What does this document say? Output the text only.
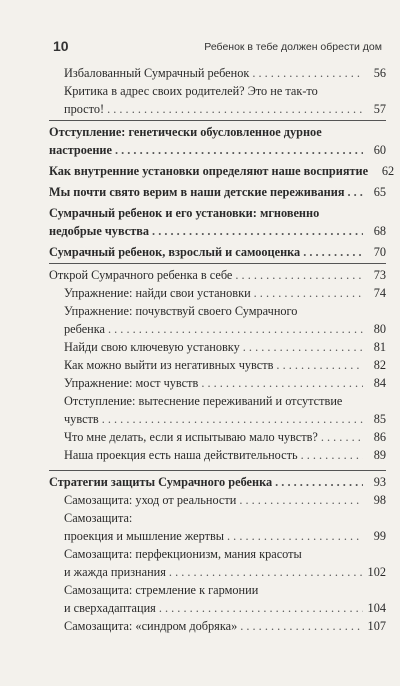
10	Ребенок в тебе должен обрести дом
Избалованный Сумрачный ребенок . . .	56
Критика в адрес своих родителей? Это не так-то
просто! . . .	57
Отступление: генетически обусловленное дурное
настроение . . .	60
Как внутренние установки определяют наше восприятие	62
Мы почти свято верим в наши детские переживания . . .	65
Сумрачный ребенок и его установки: мгновенно
недобрые чувства . . .	68
Сумрачный ребенок, взрослый и самооценка . . .	70
Открой Сумрачного ребенка в себе . . .	73
Упражнение: найди свои установки . . .	74
Упражнение: почувствуй своего Сумрачного
ребенка . . .	80
Найди свою ключевую установку . . .	81
Как можно выйти из негативных чувств . . .	82
Упражнение: мост чувств . . .	84
Отступление: вытеснение переживаний и отсутствие
чувств . . .	85
Что мне делать, если я испытываю мало чувств? . . .	86
Наша проекция есть наша действительность . . .	89
Стратегии защиты Сумрачного ребенка . . .	93
Самозащита: уход от реальности . . .	98
Самозащита:
проекция и мышление жертвы . . .	99
Самозащита: перфекционизм, мания красоты
и жажда признания . . .	102
Самозащита: стремление к гармонии
и сверхадаптация . . .	104
Самозащита: «синдром добряка» . . .	107
